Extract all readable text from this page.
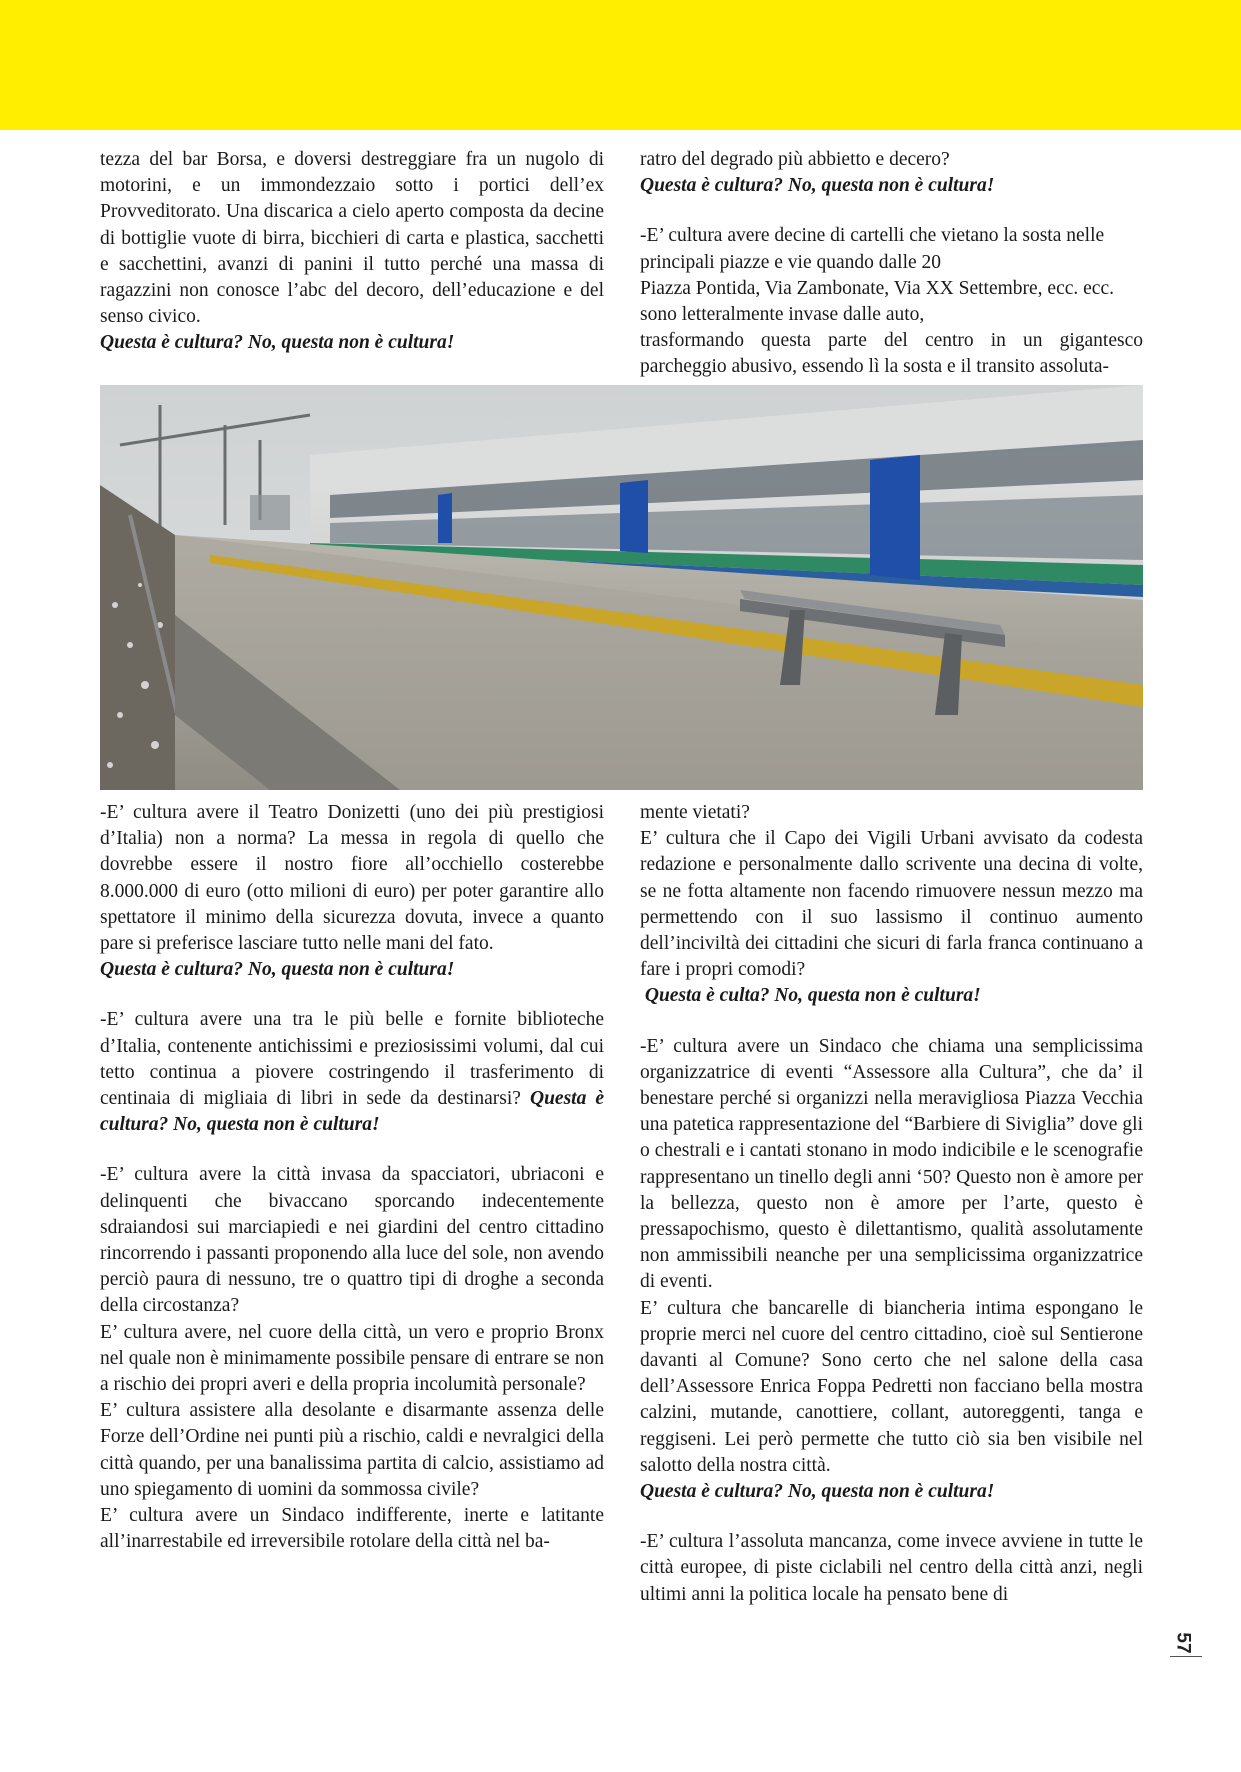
tezza del bar Borsa, e doversi destreggiare fra un nugolo di motorini, e un immondezzaio sotto i portici dell’ex Provveditorato. Una discarica a cielo aperto composta da decine di bottiglie vuote di birra, bicchieri di carta e plastica, sacchetti e sacchettini, avanzi di panini il tutto perché una massa di ragazzini non conosce l’abc del decoro, dell’educazione e del senso civico.
Questa è cultura? No, questa non è cultura!

ratro del degrado più abbietto e decero?
Questa è cultura? No, questa non è cultura!

-E’ cultura avere decine di cartelli che vietano la sosta nelle principali piazze e vie quando dalle 20
Piazza Pontida, Via Zambonate, Via XX Settembre, ecc. ecc. sono letteralmente invase dalle auto,

trasformando questa parte del centro in un gigantesco parcheggio abusivo, essendo lì la sosta e il transito assoluta-

-E’ cultura avere il Teatro Donizetti (uno dei più prestigiosi d’Italia) non a norma? La messa in regola di quello che dovrebbe essere il nostro fiore all’occhiello costerebbe 8.000.000 di euro (otto milioni di euro) per poter garantire allo spettatore il minimo della sicurezza dovuta, invece a quanto pare si preferisce lasciare tutto nelle mani del fato.
Questa è cultura? No, questa non è cultura!

-E’ cultura avere una tra le più belle e fornite biblioteche d’Italia, contenente antichissimi e preziosissimi volumi, dal cui tetto continua a piovere costringendo il trasferimento di centinaia di migliaia di libri in sede da destinarsi? Questa è cultura? No, questa non è cultura!

-E’ cultura avere la città invasa da spacciatori, ubriaconi e delinquenti che bivaccano sporcando indecentemente sdraiandosi sui marciapiedi e nei giardini del centro cittadino rincorrendo i passanti proponendo alla luce del sole, non avendo perciò paura di nessuno, tre o quattro tipi di droghe a seconda della circostanza?

E’ cultura avere, nel cuore della città, un vero e proprio Bronx nel quale non è minimamente possibile pensare di entrare se non a rischio dei propri averi e della propria incolumità personale?

E’ cultura assistere alla desolante e disarmante assenza delle Forze dell’Ordine nei punti più a rischio, caldi e nevralgici della città quando, per una banalissima partita di calcio, assistiamo ad uno spiegamento di uomini da sommossa civile?

E’ cultura avere un Sindaco indifferente, inerte e latitante all’inarrestabile ed irreversibile rotolare della città nel ba-

mente vietati?

E’ cultura che il Capo dei Vigili Urbani avvisato da codesta redazione e personalmente dallo scrivente una decina di volte, se ne fotta altamente non facendo rimuovere nessun mezzo ma permettendo con il suo lassismo il continuo aumento dell’inciviltà dei cittadini che sicuri di farla franca continuano a fare i propri comodi?

Questa è culta? No, questa non è cultura!

-E’ cultura avere un Sindaco che chiama una semplicissima organizzatrice di eventi “Assessore alla Cultura”, che da’ il benestare perché si organizzi nella meravigliosa Piazza Vecchia una patetica rappresentazione del “Barbiere di Siviglia” dove gli o chestrali e i cantati stonano in modo indicibile e le scenografie rappresentano un tinello degli anni ‘50? Questo non è amore per la bellezza, questo non è amore per l’arte, questo è pressapochismo, questo è dilettantismo, qualità assolutamente non ammissibili neanche per una semplicissima organizzatrice di eventi.

E’ cultura che bancarelle di biancheria intima espongano le proprie merci nel cuore del centro cittadino, cioè sul Sentierone davanti al Comune? Sono certo che nel salone della casa dell’Assessore Enrica Foppa Pedretti non facciano bella mostra calzini, mutande, canottiere, collant, autoreggenti, tanga e reggiseni. Lei però permette che tutto ciò sia ben visibile nel salotto della nostra città.
Questa è cultura? No, questa non è cultura!

-E’ cultura l’assoluta mancanza, come invece avviene in tutte le città europee, di piste ciclabili nel centro della città anzi, negli ultimi anni la politica locale ha pensato bene di

57
